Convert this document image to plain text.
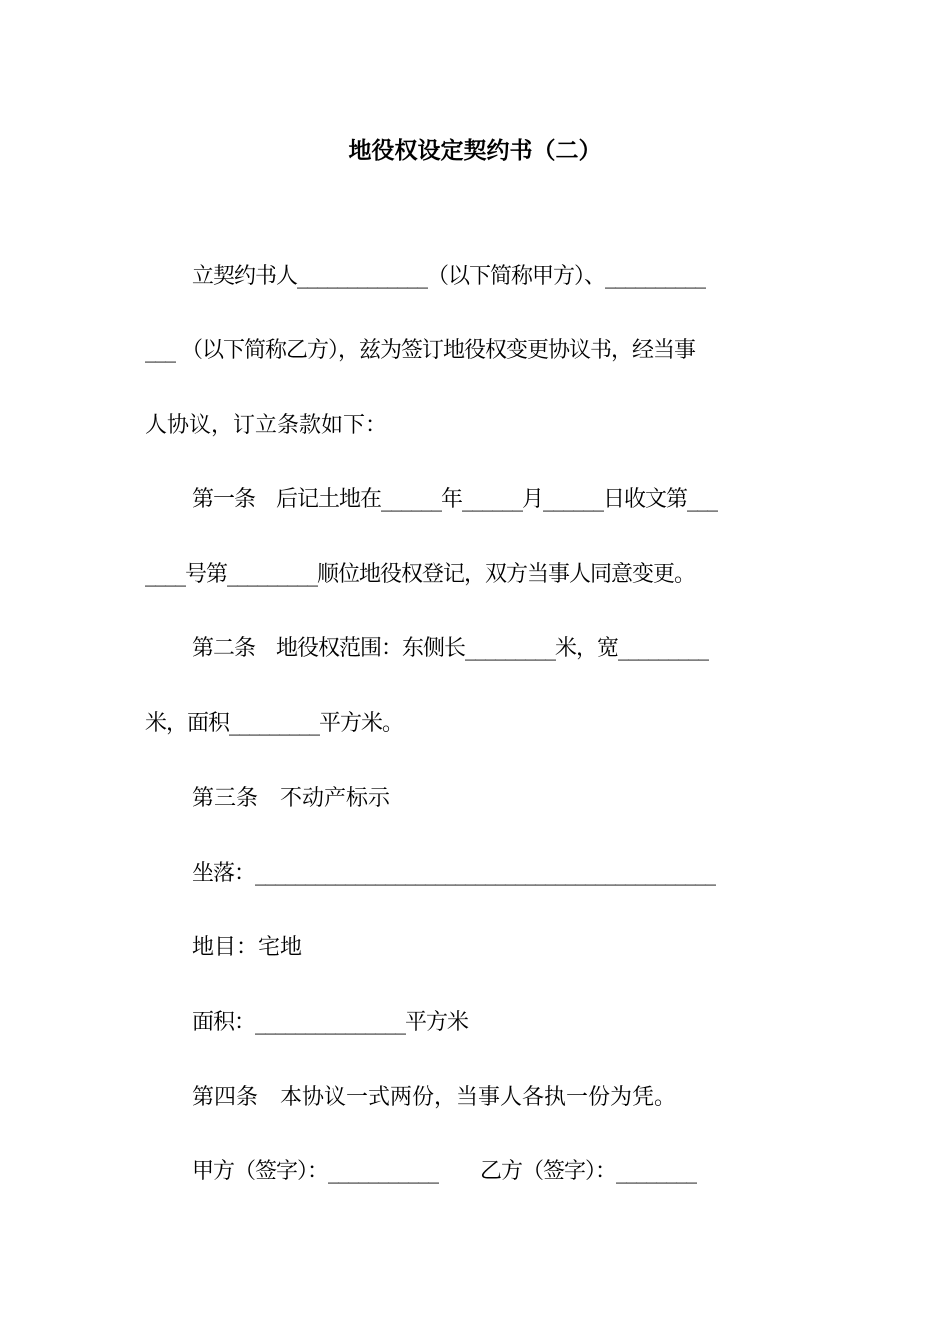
地役权设定契约书（二）
立契约书人_____________（以下简称甲方）、__________
___ （以下简称乙方），兹为签订地役权变更协议书，经当事
人协议，订立条款如下：
第一条　后记土地在______年______月______日收文第___
____号第_________顺位地役权登记，双方当事人同意变更。
第二条　地役权范围：东侧长_________米，宽_________
米，面积_________平方米。
第三条　不动产标示
坐落：______________________________________________
地目：宅地
面积：_______________平方米
第四条　本协议一式两份，当事人各执一份为凭。
甲方（签字）：___________　　乙方（签字）：________
